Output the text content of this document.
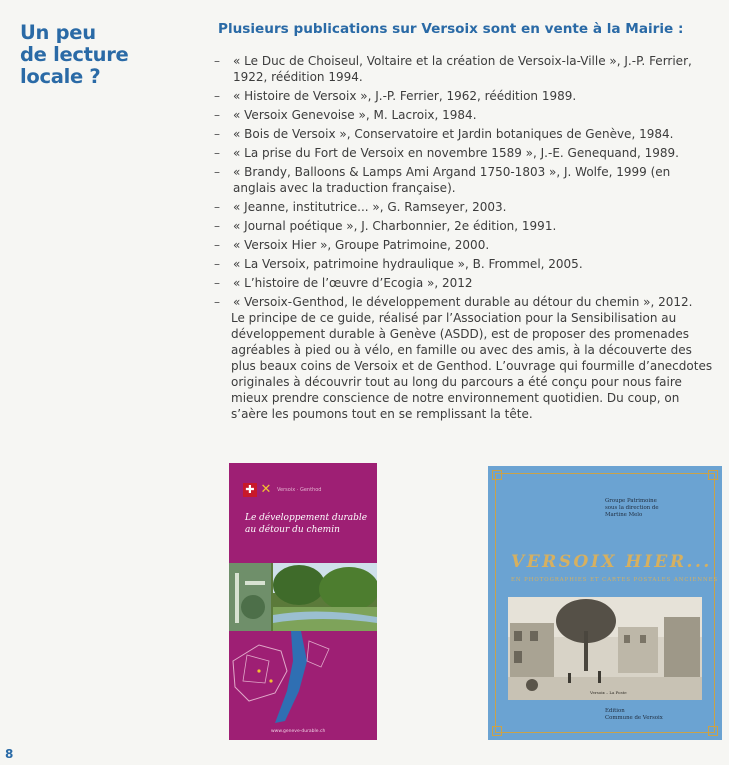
Un peu
de lecture
locale ?
Plusieurs publications sur Versoix sont en vente à la Mairie :
– « Le Duc de Choiseul, Voltaire et la création de Versoix-la-Ville », J.-P. Ferrier, 1922, réédition 1994.
– « Histoire de Versoix », J.-P. Ferrier, 1962, réédition 1989.
– « Versoix Genevoise », M. Lacroix, 1984.
– « Bois de Versoix », Conservatoire et Jardin botaniques de Genève, 1984.
– « La prise du Fort de Versoix en novembre 1589 », J.-E. Genequand, 1989.
– « Brandy, Balloons & Lamps Ami Argand 1750-1803 », J. Wolfe, 1999 (en anglais avec la traduction française).
– « Jeanne, institutrice... », G. Ramseyer, 2003.
– « Journal poétique », J. Charbonnier, 2e édition, 1991.
– « Versoix Hier », Groupe Patrimoine, 2000.
– « La Versoix, patrimoine hydraulique », B. Frommel, 2005.
– « L’histoire de l’œuvre d’Ecogia », 2012
– « Versoix-Genthod, le développement durable au détour du chemin », 2012.
Le principe de ce guide, réalisé par l’Association pour la Sensibilisation au développement durable à Genève (ASDD), est de proposer des promenades agréables à pied ou à vélo, en famille ou avec des amis, à la découverte des plus beaux coins de Versoix et de Genthod. L’ouvrage qui fourmille d’anecdotes originales à découvrir tout au long du parcours a été conçu pour nous faire mieux prendre conscience de notre environnement quotidien. Du coup, on s’aère les poumons tout en se remplissant la tête.
✚ ✕	Versoix · Genthod
Le développement durable au détour du chemin
www.geneve-durable.ch
Groupe Patrimoine
sous la direction de
Martine Melo
VERSOIX HIER...
EN PHOTOGRAPHIES ET CARTES POSTALES ANCIENNES
Versoix – La Poste
Edition
Commune de Versoix
8
